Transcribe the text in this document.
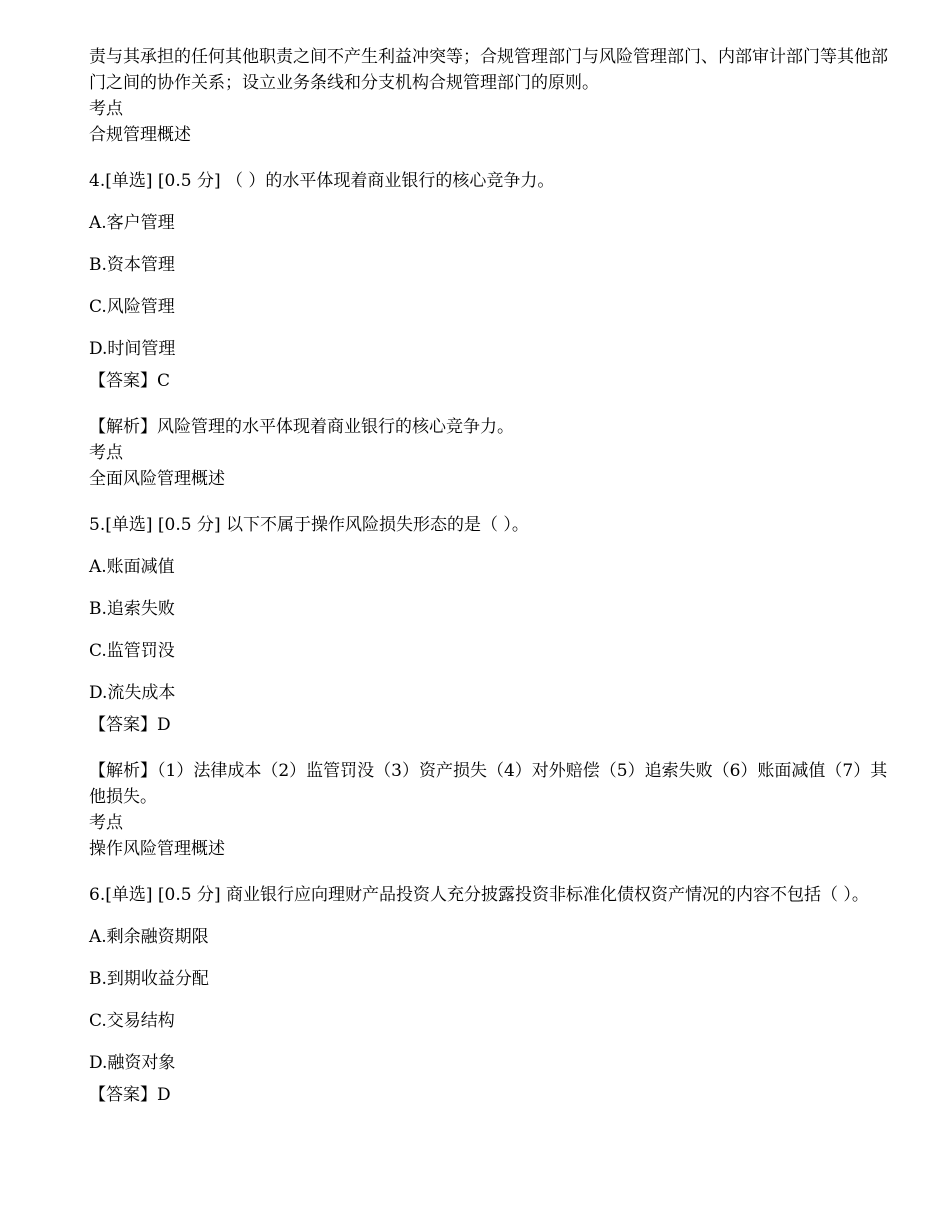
责与其承担的任何其他职责之间不产生利益冲突等；合规管理部门与风险管理部门、内部审计部门等其他部门之间的协作关系；设立业务条线和分支机构合规管理部门的原则。
考点
合规管理概述
4.[单选] [0.5 分] （ ）的水平体现着商业银行的核心竞争力。
A.客户管理
B.资本管理
C.风险管理
D.时间管理
【答案】C
【解析】风险管理的水平体现着商业银行的核心竞争力。
考点
全面风险管理概述
5.[单选] [0.5 分] 以下不属于操作风险损失形态的是（ ）。
A.账面减值
B.追索失败
C.监管罚没
D.流失成本
【答案】D
【解析】（1）法律成本（2）监管罚没（3）资产损失（4）对外赔偿（5）追索失败（6）账面减值（7）其他损失。
考点
操作风险管理概述
6.[单选] [0.5 分] 商业银行应向理财产品投资人充分披露投资非标准化债权资产情况的内容不包括（ ）。
A.剩余融资期限
B.到期收益分配
C.交易结构
D.融资对象
【答案】D
